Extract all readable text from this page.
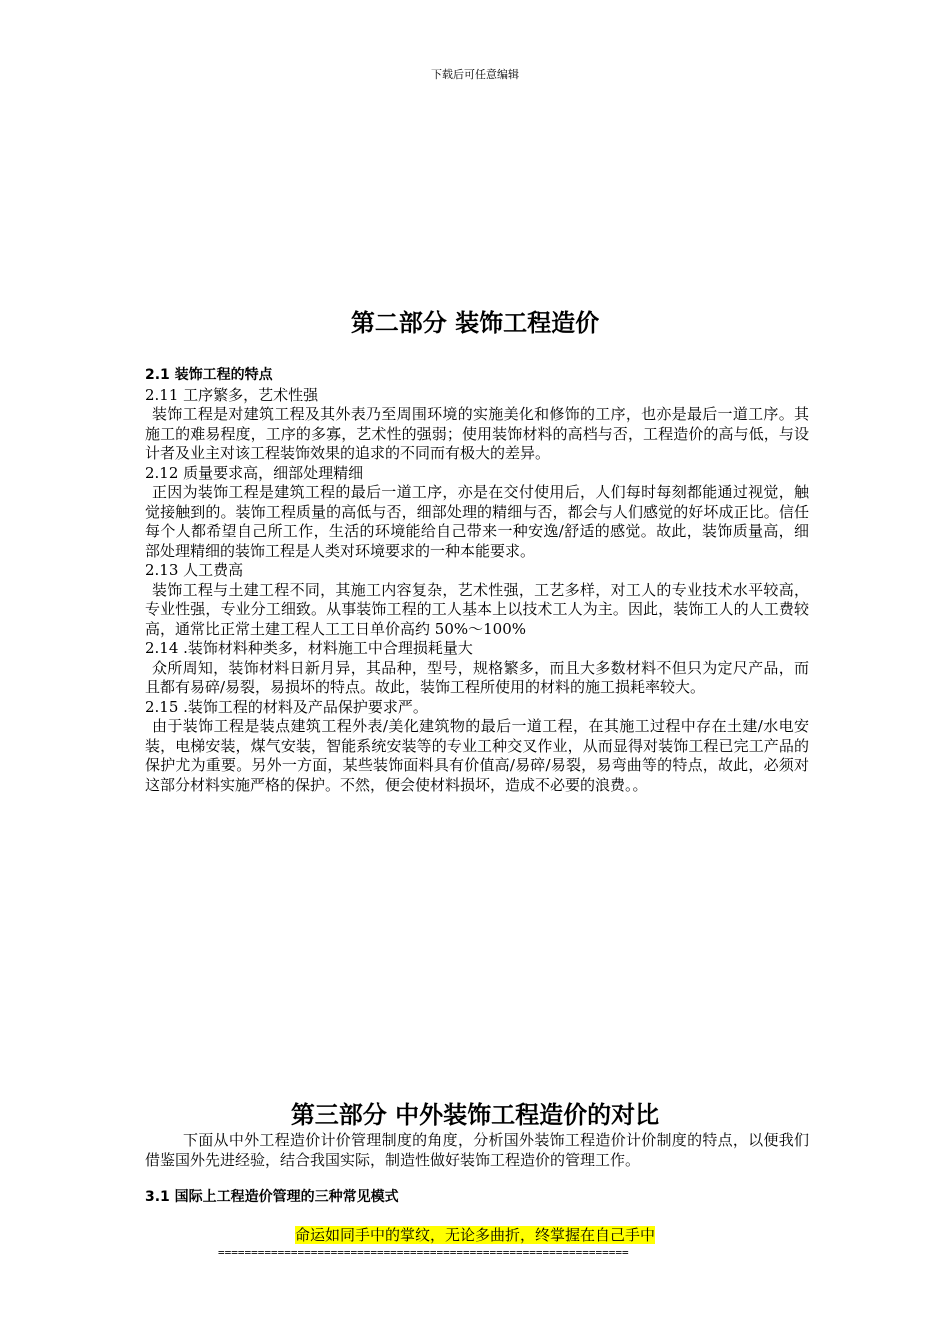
下载后可任意编辑
第二部分 装饰工程造价
2.1 装饰工程的特点

2.11 工序繁多，艺术性强

装饰工程是对建筑工程及其外表乃至周围环境的实施美化和修饰的工序，也亦是最后一道工序。其施工的难易程度，工序的多寡，艺术性的强弱；使用装饰材料的高档与否，工程造价的高与低，与设计者及业主对该工程装饰效果的追求的不同而有极大的差异。

2.12 质量要求高，细部处理精细

正因为装饰工程是建筑工程的最后一道工序，亦是在交付使用后，人们每时每刻都能通过视觉，触觉接触到的。装饰工程质量的高低与否，细部处理的精细与否，都会与人们感觉的好坏成正比。信任每个人都希望自己所工作，生活的环境能给自己带来一种安逸/舒适的感觉。故此，装饰质量高，细部处理精细的装饰工程是人类对环境要求的一种本能要求。

2.13 人工费高

装饰工程与土建工程不同，其施工内容复杂，艺术性强，工艺多样，对工人的专业技术水平较高，专业性强，专业分工细致。从事装饰工程的工人基本上以技术工人为主。因此，装饰工人的人工费较高，通常比正常土建工程人工工日单价高约 50%～100%

2.14 .装饰材料种类多，材料施工中合理损耗量大

众所周知，装饰材料日新月异，其品种，型号，规格繁多，而且大多数材料不但只为定尺产品，而且都有易碎/易裂，易损坏的特点。故此，装饰工程所使用的材料的施工损耗率较大。

2.15 .装饰工程的材料及产品保护要求严。

由于装饰工程是装点建筑工程外表/美化建筑物的最后一道工程，在其施工过程中存在土建/水电安装，电梯安装，煤气安装，智能系统安装等的专业工种交叉作业，从而显得对装饰工程已完工产品的保护尤为重要。另外一方面，某些装饰面料具有价值高/易碎/易裂，易弯曲等的特点，故此，必须对这部分材料实施严格的保护。不然，便会使材料损坏，造成不必要的浪费。。

第三部分 中外装饰工程造价的对比

下面从中外工程造价计价管理制度的角度，分析国外装饰工程造价计价制度的特点，以便我们借鉴国外先进经验，结合我国实际，制造性做好装饰工程造价的管理工作。

3.1 国际上工程造价管理的三种常见模式
命运如同手中的掌纹，无论多曲折，终掌握在自己手中
==============================================================
